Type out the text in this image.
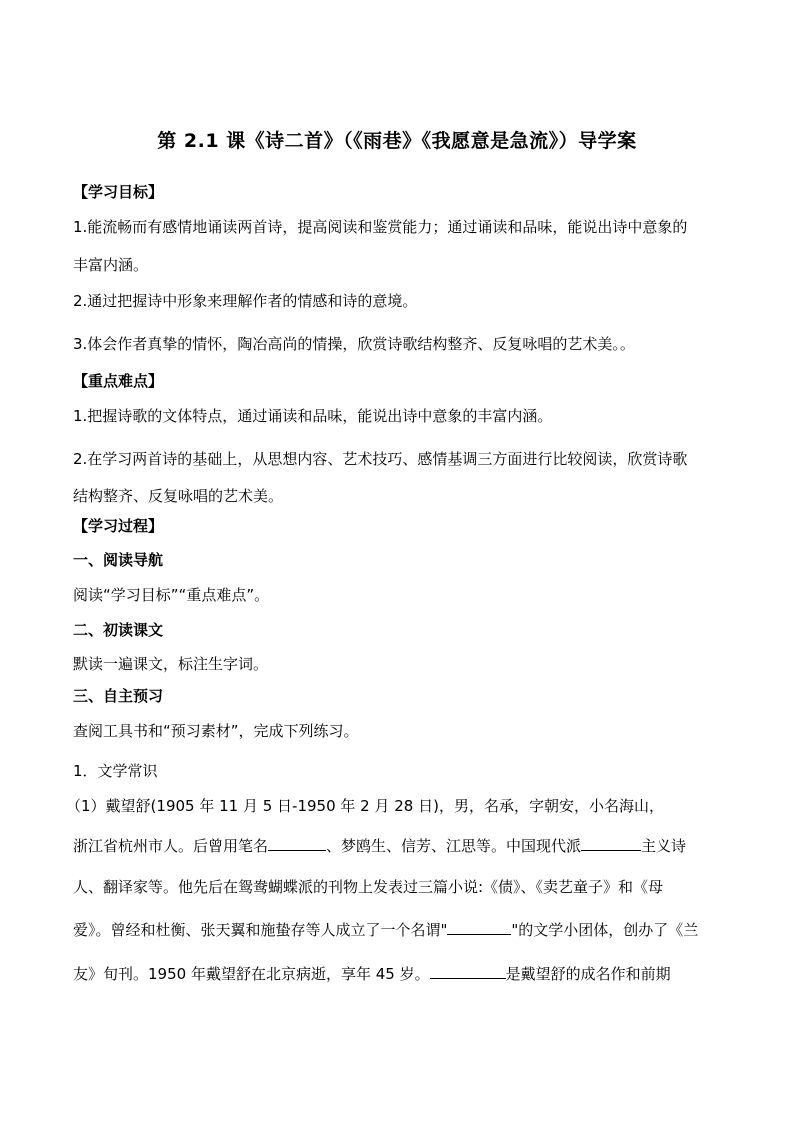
第 2.1 课《诗二首》（《雨巷》《我愿意是急流》）导学案
【学习目标】
1.能流畅而有感情地诵读两首诗，提高阅读和鉴赏能力；通过诵读和品味，能说出诗中意象的
丰富内涵。
2.通过把握诗中形象来理解作者的情感和诗的意境。
3.体会作者真挚的情怀，陶冶高尚的情操，欣赏诗歌结构整齐、反复咏唱的艺术美。。
【重点难点】
1.把握诗歌的文体特点，通过诵读和品味，能说出诗中意象的丰富内涵。
2.在学习两首诗的基础上，从思想内容、艺术技巧、感情基调三方面进行比较阅读，欣赏诗歌
结构整齐、反复咏唱的艺术美。
【学习过程】
一、阅读导航
阅读“学习目标”“重点难点”。
二、初读课文
默读一遍课文，标注生字词。
三、自主预习
查阅工具书和“预习素材”，完成下列练习。
1．文学常识
（1）戴望舒(1905 年 11 月 5 日-1950 年 2 月 28 日)，男，名承，字朝安，小名海山，
浙江省杭州市人。后曾用笔名	、梦鸥生、信芳、江思等。中国现代派	主义诗
人、翻译家等。他先后在鸳鸯蝴蝶派的刊物上发表过三篇小说:《债》、《卖艺童子》和《母
爱》。曾经和杜衡、张天翼和施蛰存等人成立了一个名谓"	"的文学小团体，创办了《兰
友》旬刊。1950 年戴望舒在北京病逝，享年 45 岁。	是戴望舒的成名作和前期
